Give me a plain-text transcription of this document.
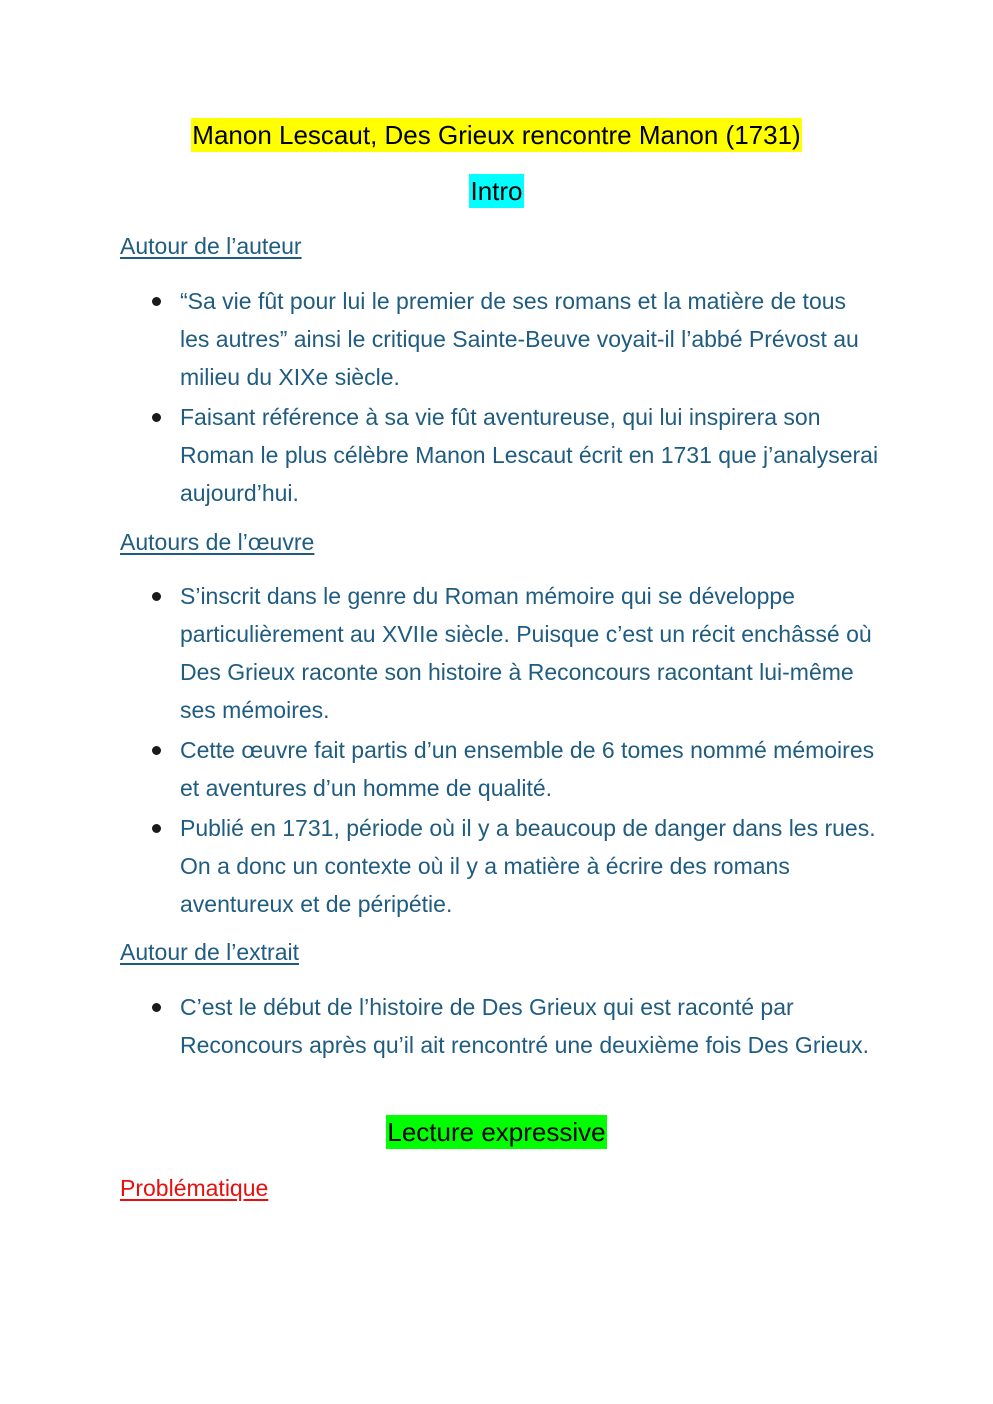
Manon Lescaut, Des Grieux rencontre Manon (1731)
Intro
Autour de l’auteur
“Sa vie fût pour lui le premier de ses romans et la matière de tous les autres” ainsi le critique Sainte-Beuve voyait-il l’abbé Prévost au milieu du XIXe siècle.
Faisant référence à sa vie fût aventureuse, qui lui inspirera son Roman le plus célèbre Manon Lescaut écrit en 1731 que j’analyserai aujourd’hui.
Autours de l’œuvre
S’inscrit dans le genre du Roman mémoire qui se développe particulièrement au XVIIe siècle. Puisque c’est un récit enchâssé où Des Grieux raconte son histoire à Reconcours racontant lui-même ses mémoires.
Cette œuvre fait partis d’un ensemble de 6 tomes nommé mémoires et aventures d’un homme de qualité.
Publié en 1731, période où il y a beaucoup de danger dans les rues. On a donc un contexte où il y a matière à écrire des romans aventureux et de péripétie.
Autour de l’extrait
C’est le début de l’histoire de Des Grieux qui est raconté par Reconcours après qu’il ait rencontré une deuxième fois Des Grieux.
Lecture expressive
Problématique
